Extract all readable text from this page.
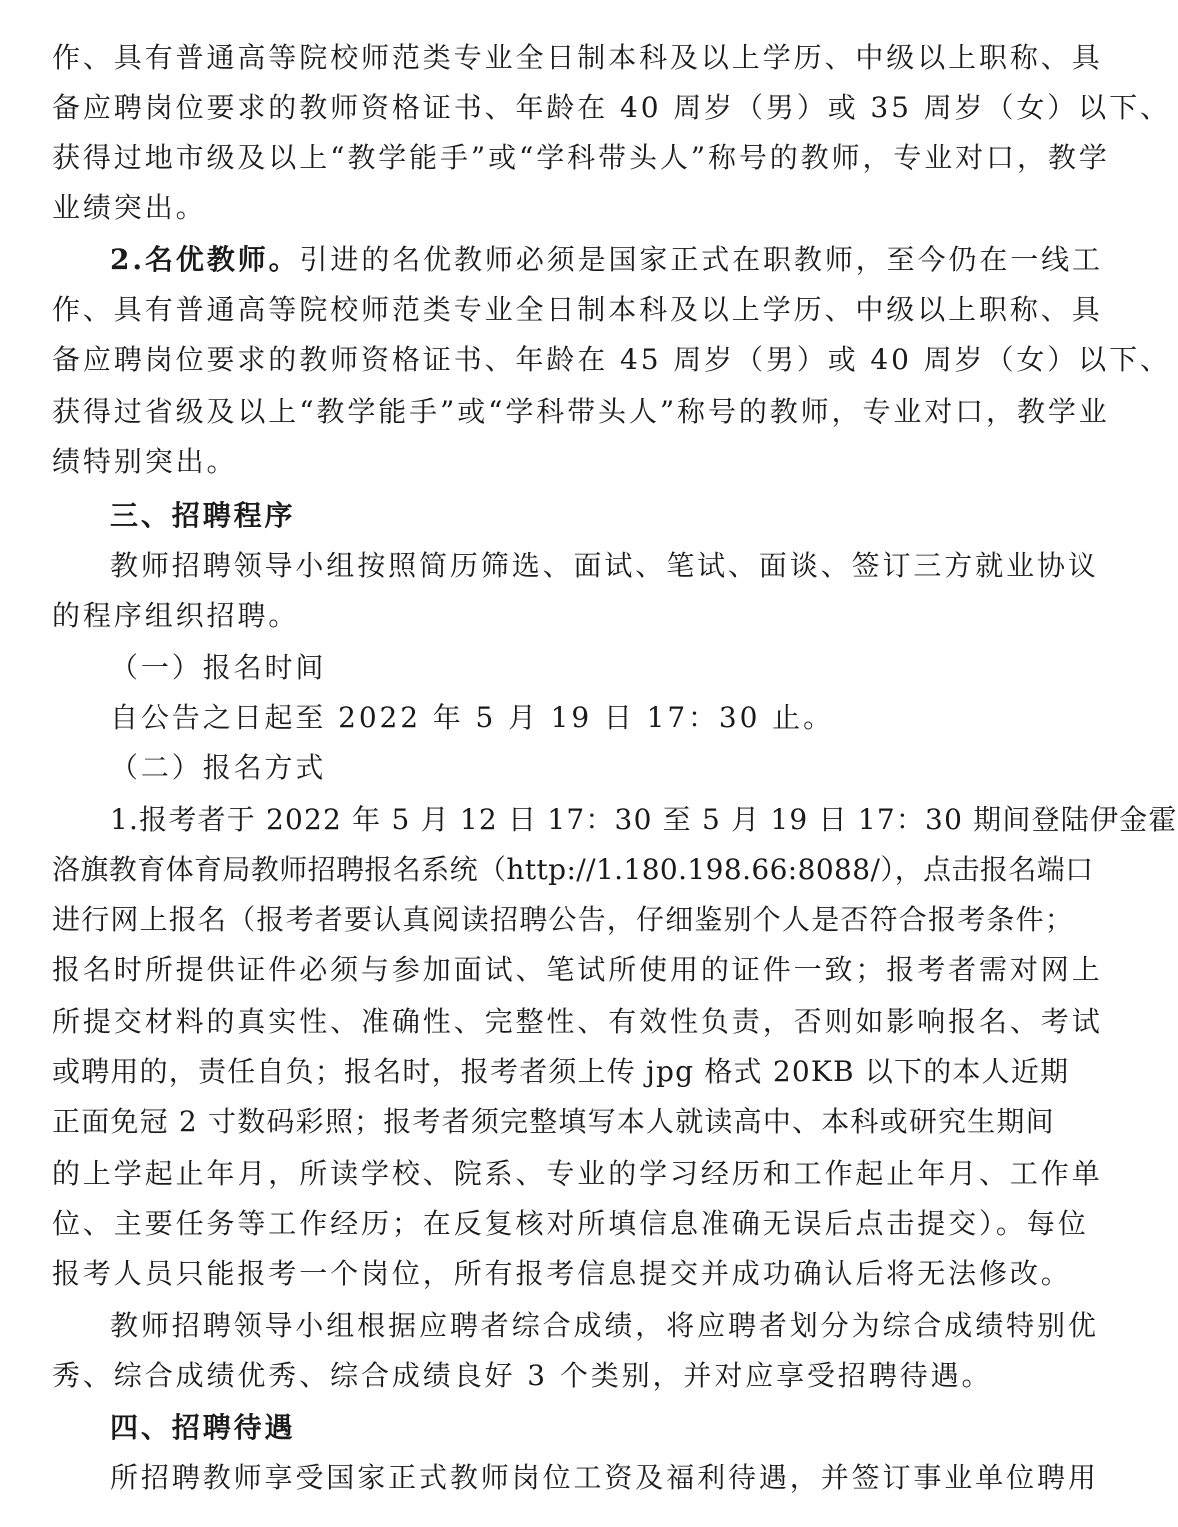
作、具有普通高等院校师范类专业全日制本科及以上学历、中级以上职称、具
备应聘岗位要求的教师资格证书、年龄在 40 周岁（男）或 35 周岁（女）以下、
获得过地市级及以上“教学能手”或“学科带头人”称号的教师，专业对口，教学
业绩突出。
2.名优教师。引进的名优教师必须是国家正式在职教师，至今仍在一线工
作、具有普通高等院校师范类专业全日制本科及以上学历、中级以上职称、具
备应聘岗位要求的教师资格证书、年龄在 45 周岁（男）或 40 周岁（女）以下、
获得过省级及以上“教学能手”或“学科带头人”称号的教师，专业对口，教学业
绩特别突出。
三、招聘程序
教师招聘领导小组按照简历筛选、面试、笔试、面谈、签订三方就业协议
的程序组织招聘。
（一）报名时间
自公告之日起至 2022 年 5 月 19 日 17：30 止。
（二）报名方式
1.报考者于 2022 年 5 月 12 日 17：30 至 5 月 19 日 17：30 期间登陆伊金霍
洛旗教育体育局教师招聘报名系统（http://1.180.198.66:8088/），点击报名端口
进行网上报名（报考者要认真阅读招聘公告，仔细鉴别个人是否符合报考条件；
报名时所提供证件必须与参加面试、笔试所使用的证件一致；报考者需对网上
所提交材料的真实性、准确性、完整性、有效性负责，否则如影响报名、考试
或聘用的，责任自负；报名时，报考者须上传 jpg 格式 20KB 以下的本人近期
正面免冠 2 寸数码彩照；报考者须完整填写本人就读高中、本科或研究生期间
的上学起止年月，所读学校、院系、专业的学习经历和工作起止年月、工作单
位、主要任务等工作经历；在反复核对所填信息准确无误后点击提交）。每位
报考人员只能报考一个岗位，所有报考信息提交并成功确认后将无法修改。
教师招聘领导小组根据应聘者综合成绩，将应聘者划分为综合成绩特别优
秀、综合成绩优秀、综合成绩良好 3 个类别，并对应享受招聘待遇。
四、招聘待遇
所招聘教师享受国家正式教师岗位工资及福利待遇，并签订事业单位聘用
